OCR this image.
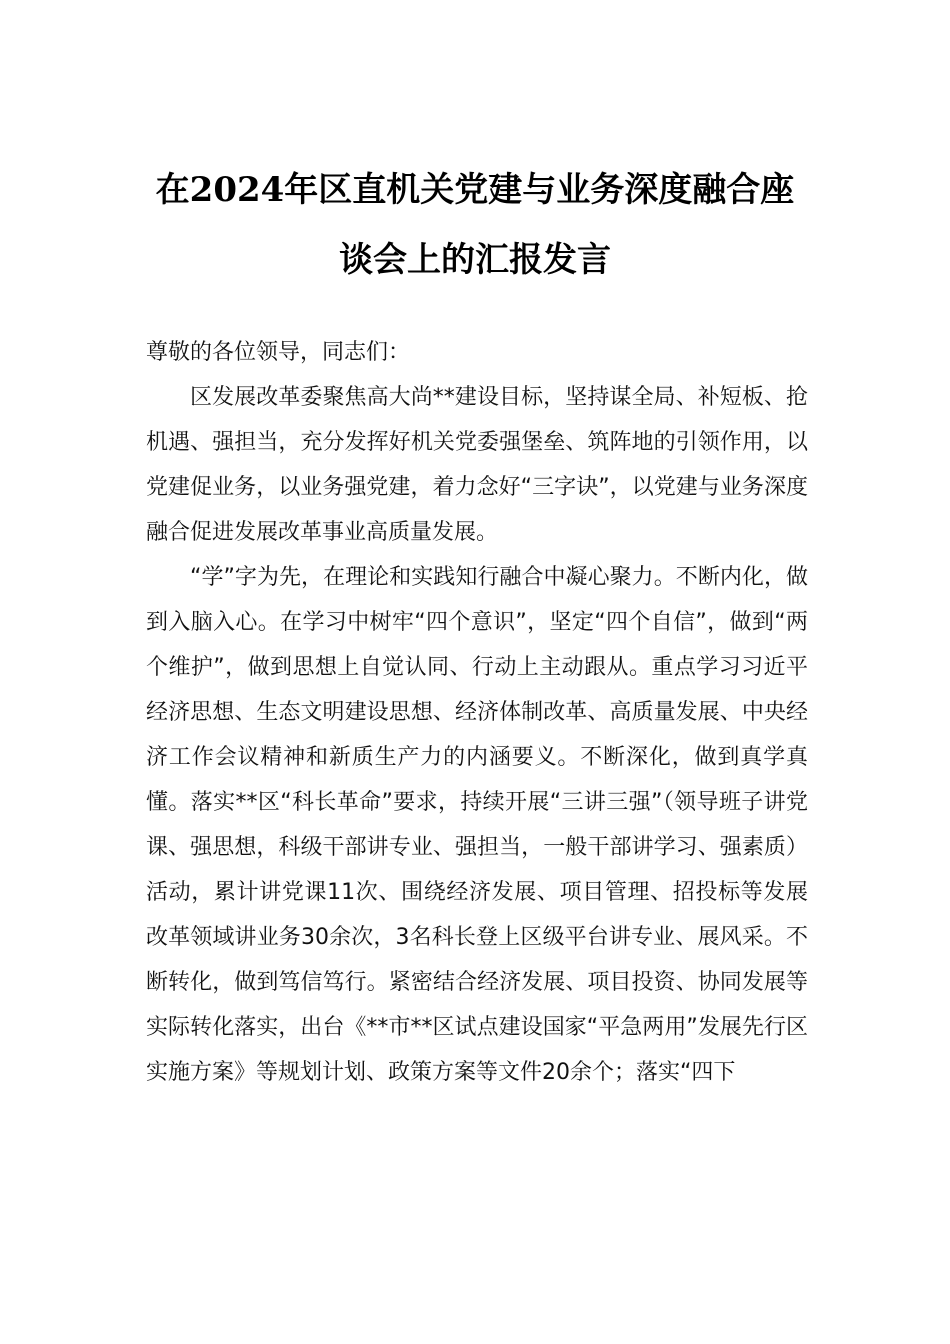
在2024年区直机关党建与业务深度融合座
谈会上的汇报发言

尊敬的各位领导，同志们：

区发展改革委聚焦高大尚**建设目标，坚持谋全局、补短板、抢机遇、强担当，充分发挥好机关党委强堡垒、筑阵地的引领作用，以党建促业务，以业务强党建，着力念好“三字诀”，以党建与业务深度融合促进发展改革事业高质量发展。

“学”字为先，在理论和实践知行融合中凝心聚力。不断内化，做到入脑入心。在学习中树牢“四个意识”，坚定“四个自信”，做到“两个维护”，做到思想上自觉认同、行动上主动跟从。重点学习习近平经济思想、生态文明建设思想、经济体制改革、高质量发展、中央经济工作会议精神和新质生产力的内涵要义。不断深化，做到真学真懂。落实**区“科长革命”要求，持续开展“三讲三强”（领导班子讲党课、强思想，科级干部讲专业、强担当，一般干部讲学习、强素质）活动，累计讲党课11次、围绕经济发展、项目管理、招投标等发展改革领域讲业务30余次，3名科长登上区级平台讲专业、展风采。不断转化，做到笃信笃行。紧密结合经济发展、项目投资、协同发展等实际转化落实，出台《**市**区试点建设国家“平急两用”发展先行区实施方案》等规划计划、政策方案等文件20余个；落实“四下
